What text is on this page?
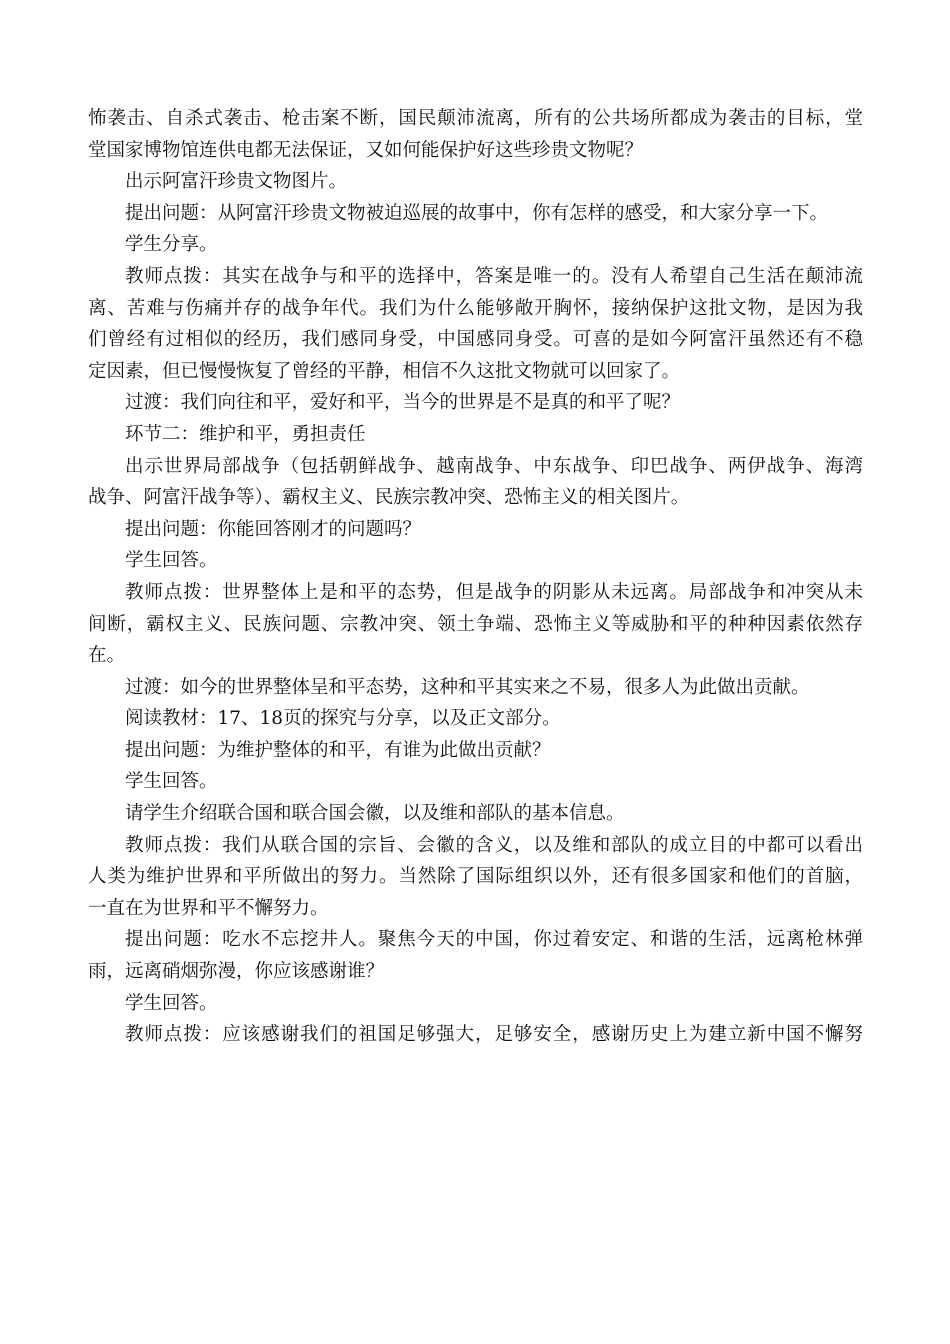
怖袭击、自杀式袭击、枪击案不断，国民颠沛流离，所有的公共场所都成为袭击的目标，堂
堂国家博物馆连供电都无法保证，又如何能保护好这些珍贵文物呢？
出示阿富汗珍贵文物图片。
提出问题：从阿富汗珍贵文物被迫巡展的故事中，你有怎样的感受，和大家分享一下。
学生分享。
教师点拨：其实在战争与和平的选择中，答案是唯一的。没有人希望自己生活在颠沛流
离、苦难与伤痛并存的战争年代。我们为什么能够敞开胸怀，接纳保护这批文物，是因为我
们曾经有过相似的经历，我们感同身受，中国感同身受。可喜的是如今阿富汗虽然还有不稳
定因素，但已慢慢恢复了曾经的平静，相信不久这批文物就可以回家了。
过渡：我们向往和平，爱好和平，当今的世界是不是真的和平了呢？
环节二：维护和平，勇担责任
出示世界局部战争（包括朝鲜战争、越南战争、中东战争、印巴战争、两伊战争、海湾
战争、阿富汗战争等）、霸权主义、民族宗教冲突、恐怖主义的相关图片。
提出问题：你能回答刚才的问题吗？
学生回答。
教师点拨：世界整体上是和平的态势，但是战争的阴影从未远离。局部战争和冲突从未
间断，霸权主义、民族问题、宗教冲突、领土争端、恐怖主义等威胁和平的种种因素依然存
在。
过渡：如今的世界整体呈和平态势，这种和平其实来之不易，很多人为此做出贡献。
阅读教材：17、18页的探究与分享，以及正文部分。
提出问题：为维护整体的和平，有谁为此做出贡献？
学生回答。
请学生介绍联合国和联合国会徽，以及维和部队的基本信息。
教师点拨：我们从联合国的宗旨、会徽的含义，以及维和部队的成立目的中都可以看出
人类为维护世界和平所做出的努力。当然除了国际组织以外，还有很多国家和他们的首脑，
一直在为世界和平不懈努力。
提出问题：吃水不忘挖井人。聚焦今天的中国，你过着安定、和谐的生活，远离枪林弹
雨，远离硝烟弥漫，你应该感谢谁？
学生回答。
教师点拨：应该感谢我们的祖国足够强大，足够安全，感谢历史上为建立新中国不懈努
